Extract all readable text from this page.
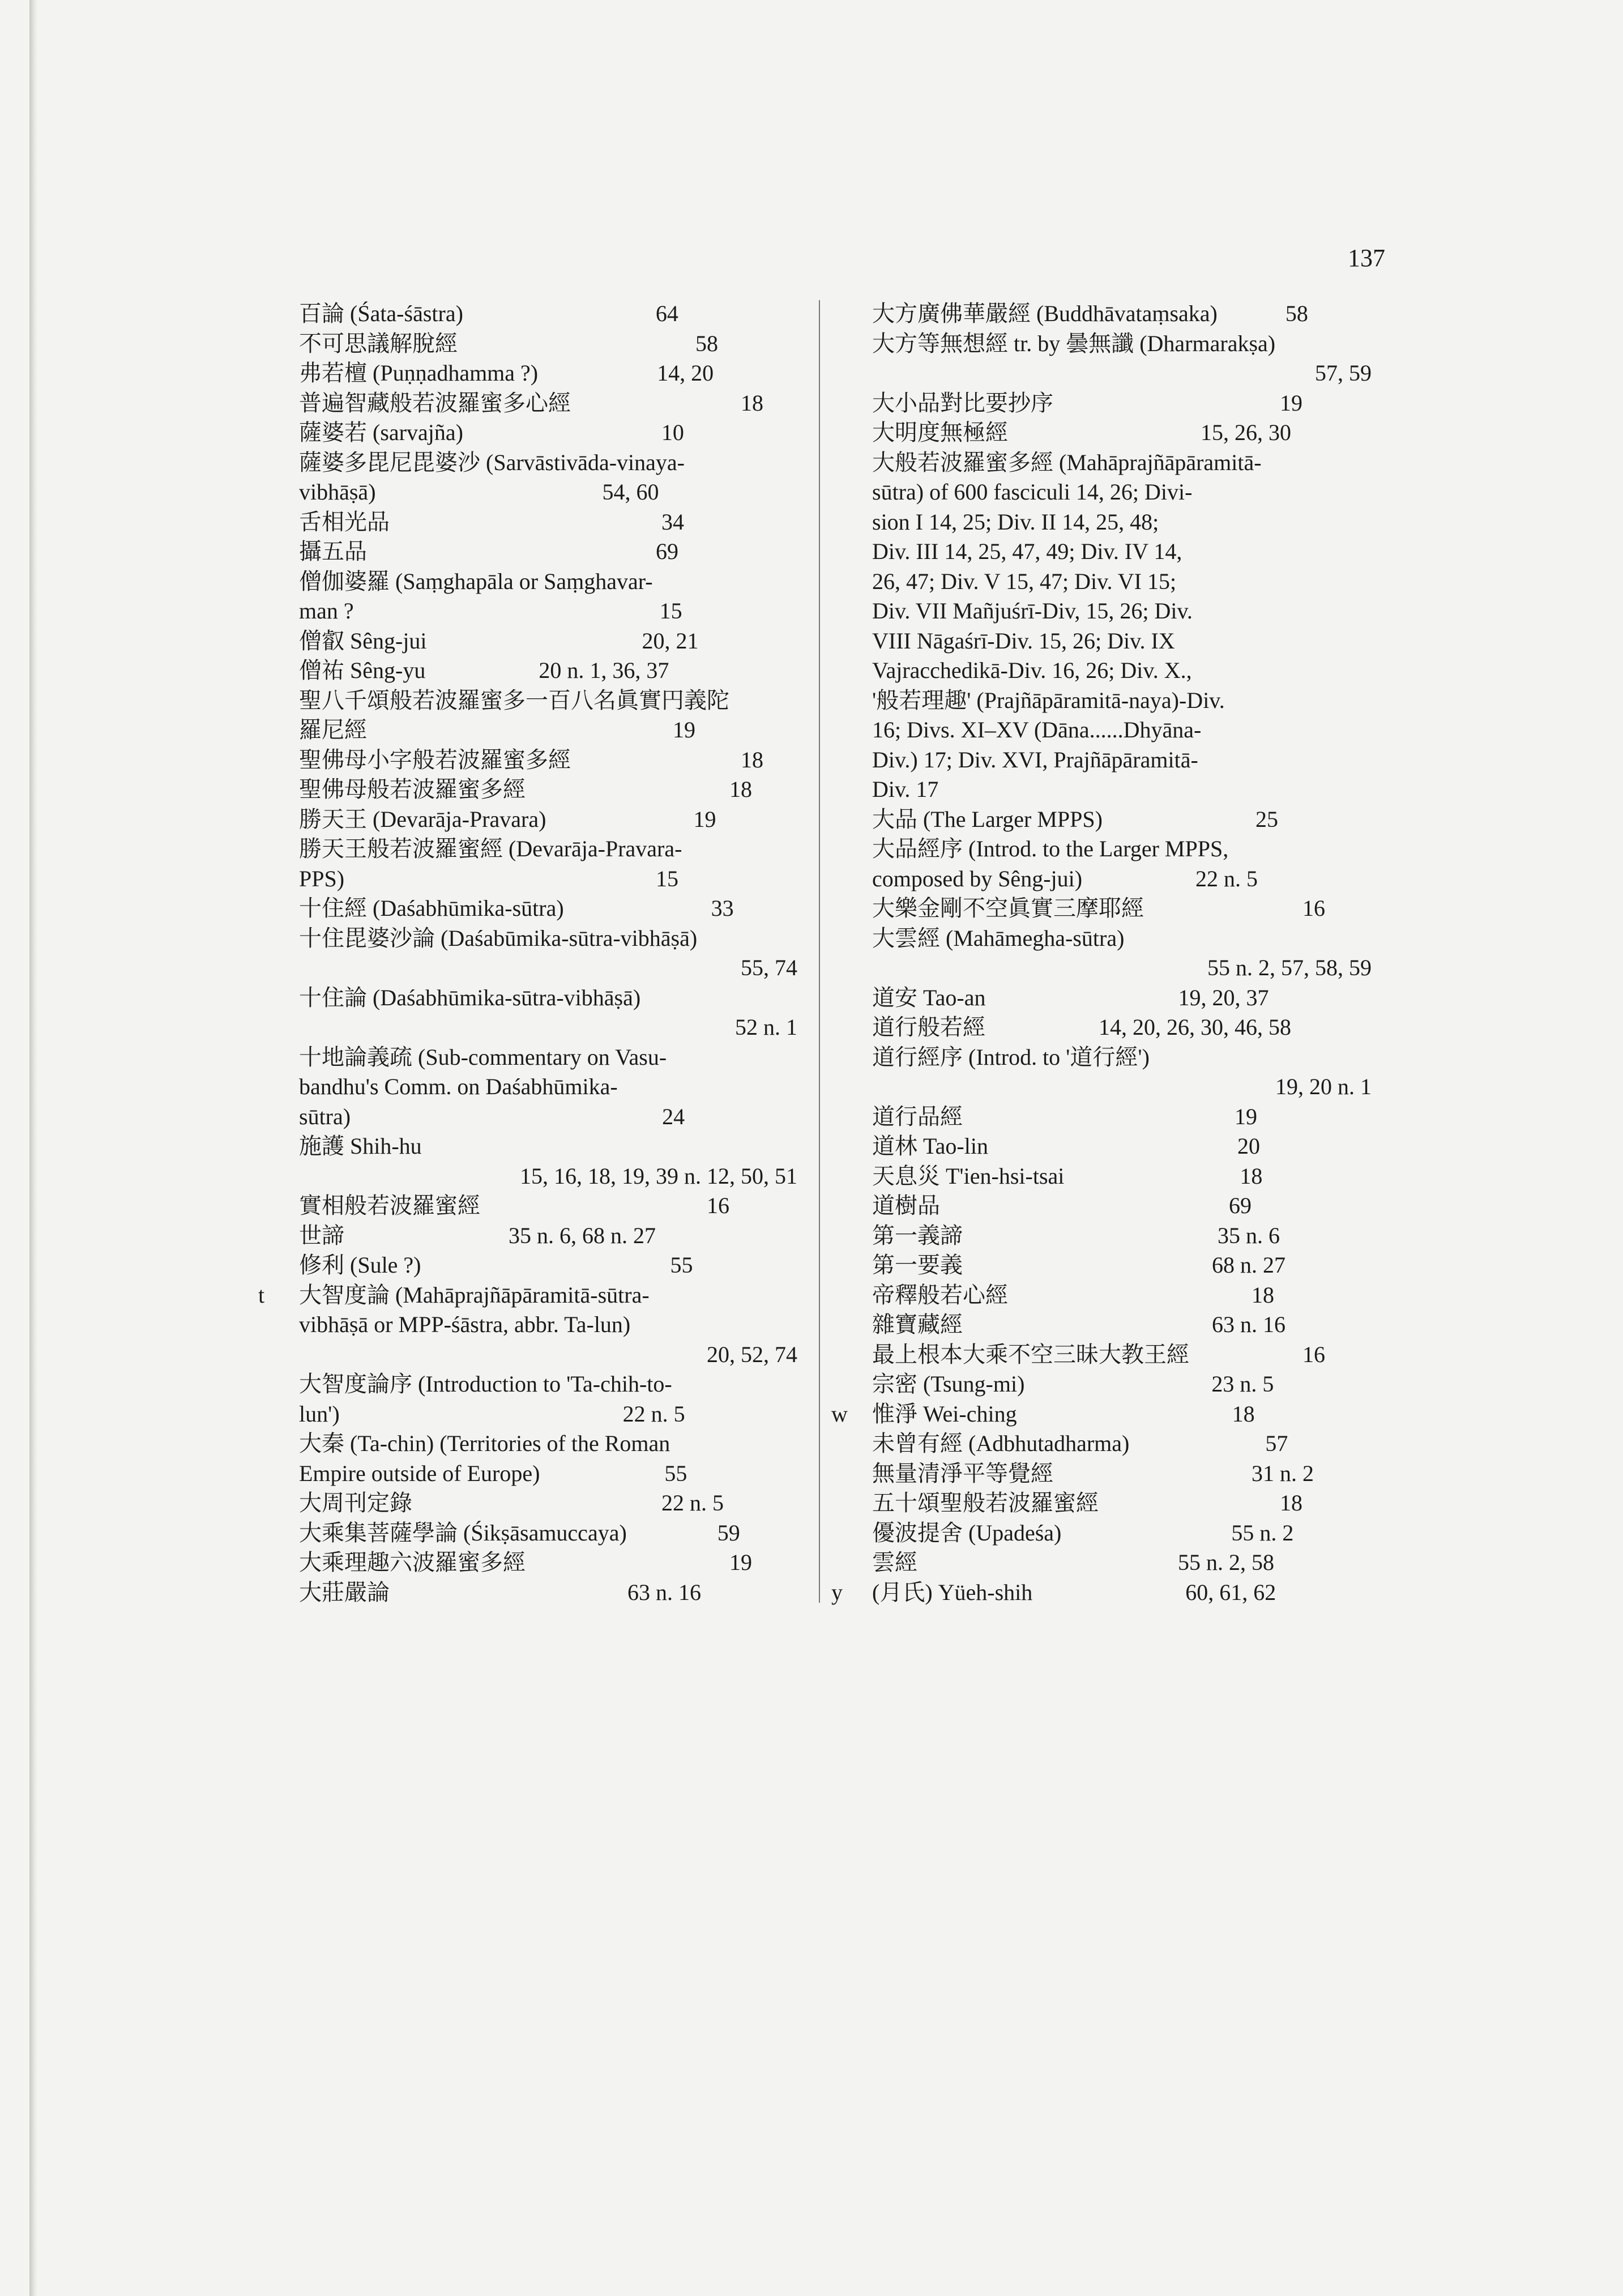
137
百論 (Śata-śāstra)                                  64
不可思議解脫經                                          58
弗若檀 (Puṇṇadhamma ?)                     14, 20
普遍智藏般若波羅蜜多心經                              18
薩婆若 (sarvajña)                                   10
薩婆多毘尼毘婆沙 (Sarvāstivāda-vinaya-
vibhāṣā)                                        54, 60
舌相光品                                                34
攝五品                                                   69
僧伽婆羅 (Saṃghapāla or Saṃghavar-
man ?                                                      15
僧叡 Sêng-jui                                      20, 21
僧祐 Sêng-yu                    20 n. 1, 36, 37
聖八千頌般若波羅蜜多一百八名眞實円義陀
羅尼經                                                      19
聖佛母小字般若波羅蜜多經                              18
聖佛母般若波羅蜜多經                                    18
勝天王 (Devarāja-Pravara)                          19
勝天王般若波羅蜜經 (Devarāja-Pravara-
PPS)                                                       15
十住經 (Daśabhūmika-sūtra)                          33
十住毘婆沙論 (Daśabūmika-sūtra-vibhāṣā)
55, 74
十住論 (Daśabhūmika-sūtra-vibhāṣā)
52 n. 1
十地論義疏 (Sub-commentary on Vasu-
bandhu's Comm. on Daśabhūmika-
sūtra)                                                       24
施護 Shih-hu
15, 16, 18, 19, 39 n. 12, 50, 51
實相般若波羅蜜經                                        16
世諦                             35 n. 6, 68 n. 27
修利 (Sule ?)                                            55
t 大智度論 (Mahāprajñāpāramitā-sūtra-
vibhāṣā or MPP-śāstra, abbr. Ta-lun)
20, 52, 74
大智度論序 (Introduction to 'Ta-chih-to-
lun')                                                  22 n. 5
大秦 (Ta-chin) (Territories of the Roman
Empire outside of Europe)                      55
大周刊定錄                                            22 n. 5
大乘集菩薩學論 (Śikṣāsamuccaya)                59
大乘理趣六波羅蜜多經                                    19
大莊嚴論                                          63 n. 16
大方廣佛華嚴經 (Buddhāvataṃsaka)            58
大方等無想經 tr. by 曇無讖 (Dharmarakṣa)
57, 59
大小品對比要抄序                                        19
大明度無極經                                  15, 26, 30
大般若波羅蜜多經 (Mahāprajñāpāramitā-
sūtra) of 600 fasciculi 14, 26; Divi-
sion I 14, 25; Div. II 14, 25, 48;
Div. III 14, 25, 47, 49; Div. IV 14,
26, 47; Div. V 15, 47; Div. VI 15;
Div. VII Mañjuśrī-Div, 15, 26; Div.
VIII Nāgaśrī-Div. 15, 26; Div. IX
Vajracchedikā-Div. 16, 26; Div. X.,
'般若理趣' (Prajñāpāramitā-naya)-Div.
16; Divs. XI–XV (Dāna......Dhyāna-
Div.) 17; Div. XVI, Prajñāpāramitā-
Div. 17
大品 (The Larger MPPS)                           25
大品經序 (Introd. to the Larger MPPS,
composed by Sêng-jui)                    22 n. 5
大樂金剛不空眞實三摩耶經                            16
大雲經 (Mahāmegha-sūtra)
55 n. 2, 57, 58, 59
道安 Tao-an                                  19, 20, 37
道行般若經                    14, 20, 26, 30, 46, 58
道行經序 (Introd. to '道行經')
19, 20 n. 1
道行品經                                                19
道林 Tao-lin                                            20
天息災 T'ien-hsi-tsai                               18
道樹品                                                   69
第一義諦                                             35 n. 6
第一要義                                            68 n. 27
帝釋般若心經                                           18
雜寶藏經                                            63 n. 16
最上根本大乘不空三昧大教王經                    16
宗密 (Tsung-mi)                                 23 n. 5
w 惟淨 Wei-ching                                      18
未曾有經 (Adbhutadharma)                        57
無量清淨平等覺經                                   31 n. 2
五十頌聖般若波羅蜜經                                18
優波提舍 (Upadeśa)                              55 n. 2
雲經                                              55 n. 2, 58
y (月氏) Yüeh-shih                           60, 61, 62
